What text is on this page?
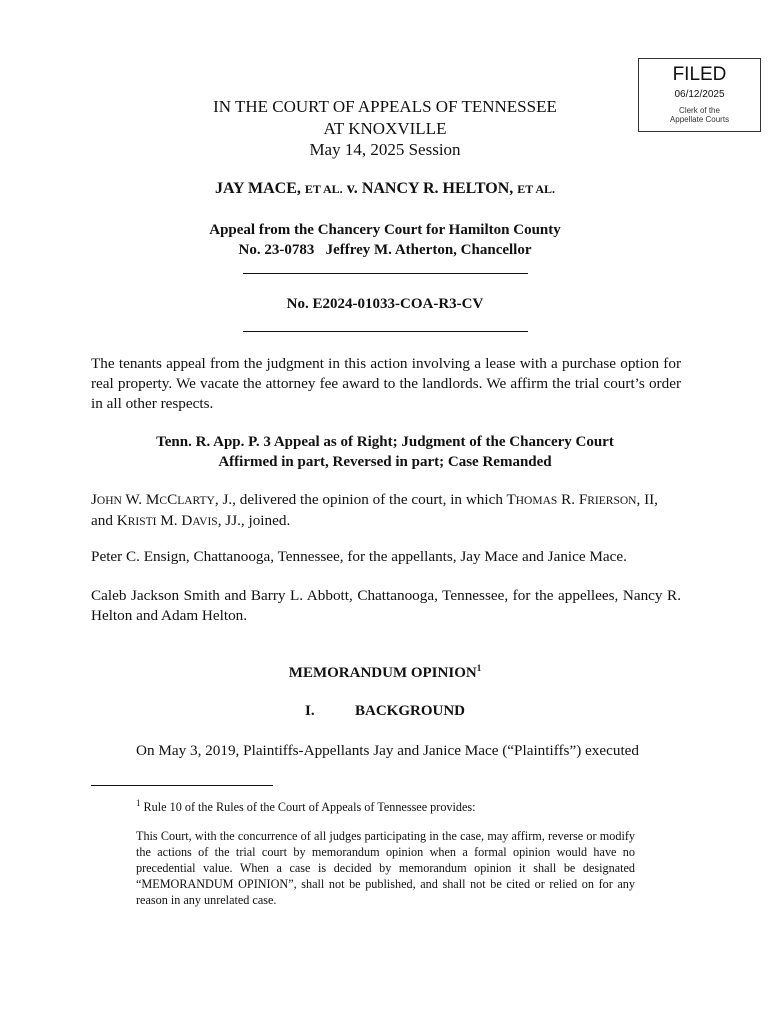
FILED
06/12/2025
Clerk of the
Appellate Courts
IN THE COURT OF APPEALS OF TENNESSEE
AT KNOXVILLE
May 14, 2025 Session
JAY MACE, ET AL. v. NANCY R. HELTON, ET AL.
Appeal from the Chancery Court for Hamilton County
No. 23-0783   Jeffrey M. Atherton, Chancellor
No. E2024-01033-COA-R3-CV
The tenants appeal from the judgment in this action involving a lease with a purchase option for real property. We vacate the attorney fee award to the landlords. We affirm the trial court’s order in all other respects.
Tenn. R. App. P. 3 Appeal as of Right; Judgment of the Chancery Court
Affirmed in part, Reversed in part; Case Remanded
JOHN W. MCCLARTY, J., delivered the opinion of the court, in which THOMAS R. FRIERSON, II, and KRISTI M. DAVIS, JJ., joined.
Peter C. Ensign, Chattanooga, Tennessee, for the appellants, Jay Mace and Janice Mace.
Caleb Jackson Smith and Barry L. Abbott, Chattanooga, Tennessee, for the appellees, Nancy R. Helton and Adam Helton.
MEMORANDUM OPINION$^1$
I.	BACKGROUND
On May 3, 2019, Plaintiffs-Appellants Jay and Janice Mace (“Plaintiffs”) executed
$^1$ Rule 10 of the Rules of the Court of Appeals of Tennessee provides:
This Court, with the concurrence of all judges participating in the case, may affirm, reverse or modify the actions of the trial court by memorandum opinion when a formal opinion would have no precedential value. When a case is decided by memorandum opinion it shall be designated “MEMORANDUM OPINION”, shall not be published, and shall not be cited or relied on for any reason in any unrelated case.
